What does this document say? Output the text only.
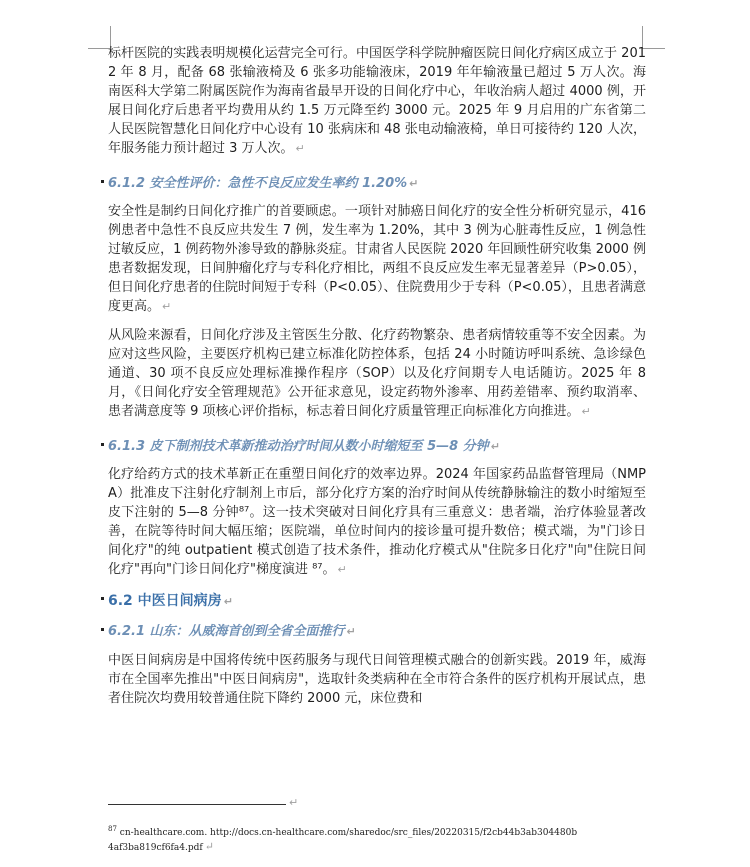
标杆医院的实践表明规模化运营完全可行。中国医学科学院肿瘤医院日间化疗病区成立于 2012 年 8 月，配备 68 张输液椅及 6 张多功能输液床，2019 年年输液量已超过 5 万人次。海南医科大学第二附属医院作为海南省最早开设的日间化疗中心，年收治病人超过 4000 例，开展日间化疗后患者平均费用从约 1.5 万元降至约 3000 元。2025 年 9 月启用的广东省第二人民医院智慧化日间化疗中心设有 10 张病床和 48 张电动输液椅，单日可接待约 120 人次，年服务能力预计超过 3 万人次。 ↵

6.1.2 安全性评价：急性不良反应发生率约 1.20% ↵

安全性是制约日间化疗推广的首要顾虑。一项针对肺癌日间化疗的安全性分析研究显示，416 例患者中急性不良反应共发生 7 例，发生率为 1.20%，其中 3 例为心脏毒性反应，1 例急性过敏反应，1 例药物外渗导致的静脉炎症。甘肃省人民医院 2020 年回顾性研究收集 2000 例患者数据发现，日间肿瘤化疗与专科化疗相比，两组不良反应发生率无显著差异（P>0.05），但日间化疗患者的住院时间短于专科（P<0.05）、住院费用少于专科（P<0.05），且患者满意度更高。 ↵

从风险来源看，日间化疗涉及主管医生分散、化疗药物繁杂、患者病情较重等不安全因素。为应对这些风险，主要医疗机构已建立标准化防控体系，包括 24 小时随访呼叫系统、急诊绿色通道、30 项不良反应处理标准操作程序（SOP）以及化疗间期专人电话随访。2025 年 8 月，《日间化疗安全管理规范》公开征求意见，设定药物外渗率、用药差错率、预约取消率、患者满意度等 9 项核心评价指标，标志着日间化疗质量管理正向标准化方向推进。 ↵

6.1.3 皮下制剂技术革新推动治疗时间从数小时缩短至 5—8 分钟 ↵

化疗给药方式的技术革新正在重塑日间化疗的效率边界。2024 年国家药品监督管理局（NMPA）批准皮下注射化疗制剂上市后，部分化疗方案的治疗时间从传统静脉输注的数小时缩短至皮下注射的 5—8 分钟⁸⁷。这一技术突破对日间化疗具有三重意义：患者端，治疗体验显著改善，在院等待时间大幅压缩；医院端，单位时间内的接诊量可提升数倍；模式端，为"门诊日间化疗"的纯 outpatient 模式创造了技术条件，推动化疗模式从"住院多日化疗"向"住院日间化疗"再向"门诊日间化疗"梯度演进 ⁸⁷。 ↵

6.2 中医日间病房 ↵
6.2.1 山东：从威海首创到全省全面推行 ↵

中医日间病房是中国将传统中医药服务与现代日间管理模式融合的创新实践。2019 年，威海市在全国率先推出"中医日间病房"，选取针灸类病种在全市符合条件的医疗机构开展试点，患者住院次均费用较普通住院下降约 2000 元，床位费和

↵
$^{87}$ cn-healthcare.com. http://docs.cn-healthcare.com/sharedoc/src_files/20220315/f2cb44b3ab304480b4af3ba819cf6fa4.pdf ↵
